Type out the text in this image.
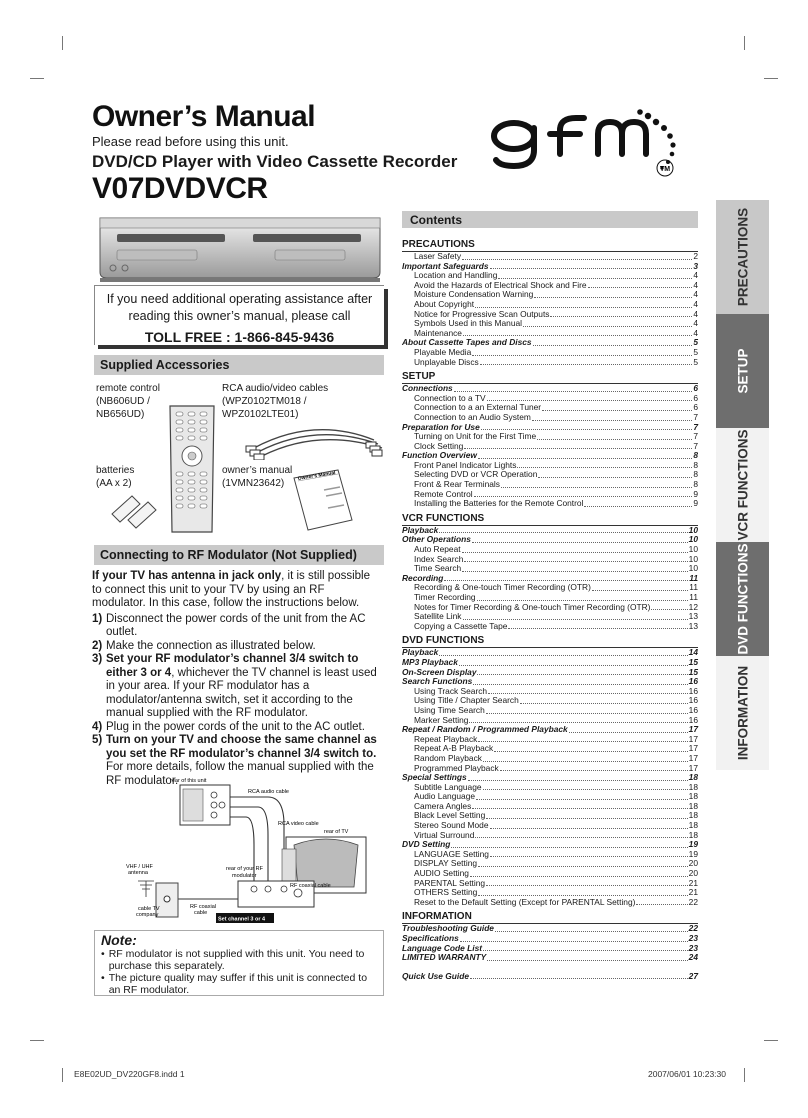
Owner’s Manual
Please read before using this unit.
DVD/CD Player with Video Cassette Recorder
V07DVDVCR
TM
If you need additional operating assistance after
reading this owner’s manual, please call
TOLL FREE : 1-866-845-9436
Supplied Accessories
remote control
(NB606UD /
NB656UD)
RCA audio/video cables
(WPZ0102TM018 /
WPZ0102LTE01)
batteries
(AA x 2)
owner’s manual
(1VMN23642)
Owner's Manual
Connecting to RF Modulator (Not Supplied)

If your TV has antenna in jack only, it is still possible to connect this unit to your TV by using an RF modulator. In this case, follow the instructions below.

1) Disconnect the power cords of the unit from the AC outlet.
2) Make the connection as illustrated below.
3) Set your RF modulator’s channel 3/4 switch to either 3 or 4, whichever the TV channel is least used in your area. If your RF modulator has a modulator/antenna switch, set it according to the manual supplied with the RF modulator.
4) Plug in the power cords of the unit to the AC outlet.
5) Turn on your TV and choose the same channel as you set the RF modulator’s channel 3/4 switch to. For more details, follow the manual supplied with the RF modulator.
rear of this unit
RCA audio cable
RCA video cable
rear of TV
rear of your RF
modulator
RF coaxial cable
Set channel 3 or 4
VHF / UHF
antenna
RF coaxial
cable
cable TV
company
Note:
• RF modulator is not supplied with this unit. You need to purchase this separately.
• The picture quality may suffer if this unit is connected to an RF modulator.
Contents
PRECAUTIONS
Laser Safety	2
Important Safeguards	3
Location and Handling	4
Avoid the Hazards of Electrical Shock and Fire	4
Moisture Condensation Warning	4
About Copyright	4
Notice for Progressive Scan Outputs	4
Symbols Used in this Manual	4
Maintenance	4
About Cassette Tapes and Discs	5
Playable Media	5
Unplayable Discs	5
SETUP
Connections	6
Connection to a TV	6
Connection to a an External Tuner	6
Connection to an Audio System	7
Preparation for Use	7
Turning on Unit for the First Time	7
Clock Setting	7
Function Overview	8
Front Panel Indicator Lights	8
Selecting DVD or VCR Operation	8
Front & Rear Terminals	8
Remote Control	9
Installing the Batteries for the Remote Control	9
VCR FUNCTIONS
Playback	10
Other Operations	10
Auto Repeat	10
Index Search	10
Time Search	10
Recording	11
Recording & One-touch Timer Recording (OTR)	11
Timer Recording	11
Notes for Timer Recording & One-touch Timer Recording (OTR)	12
Satellite Link	13
Copying a Cassette Tape	13
DVD FUNCTIONS
Playback	14
MP3 Playback	15
On-Screen Display	15
Search Functions	16
Using Track Search	16
Using Title / Chapter Search	16
Using Time Search	16
Marker Setting	16
Repeat / Random / Programmed Playback	17
Repeat Playback	17
Repeat A-B Playback	17
Random Playback	17
Programmed Playback	17
Special Settings	18
Subtitle Language	18
Audio Language	18
Camera Angles	18
Black Level Setting	18
Stereo Sound Mode	18
Virtual Surround	18
DVD Setting	19
LANGUAGE Setting	19
DISPLAY Setting	20
AUDIO Setting	20
PARENTAL Setting	21
OTHERS Setting	21
Reset to the Default Setting (Except for PARENTAL Setting)	22
INFORMATION
Troubleshooting Guide	22
Specifications	23
Language Code List	23
LIMITED WARRANTY	24
Quick Use Guide	27
PRECAUTIONS
SETUP
VCR FUNCTIONS
DVD FUNCTIONS
INFORMATION
E8E02UD_DV220GF8.indd 1	2007/06/01 10:23:30
